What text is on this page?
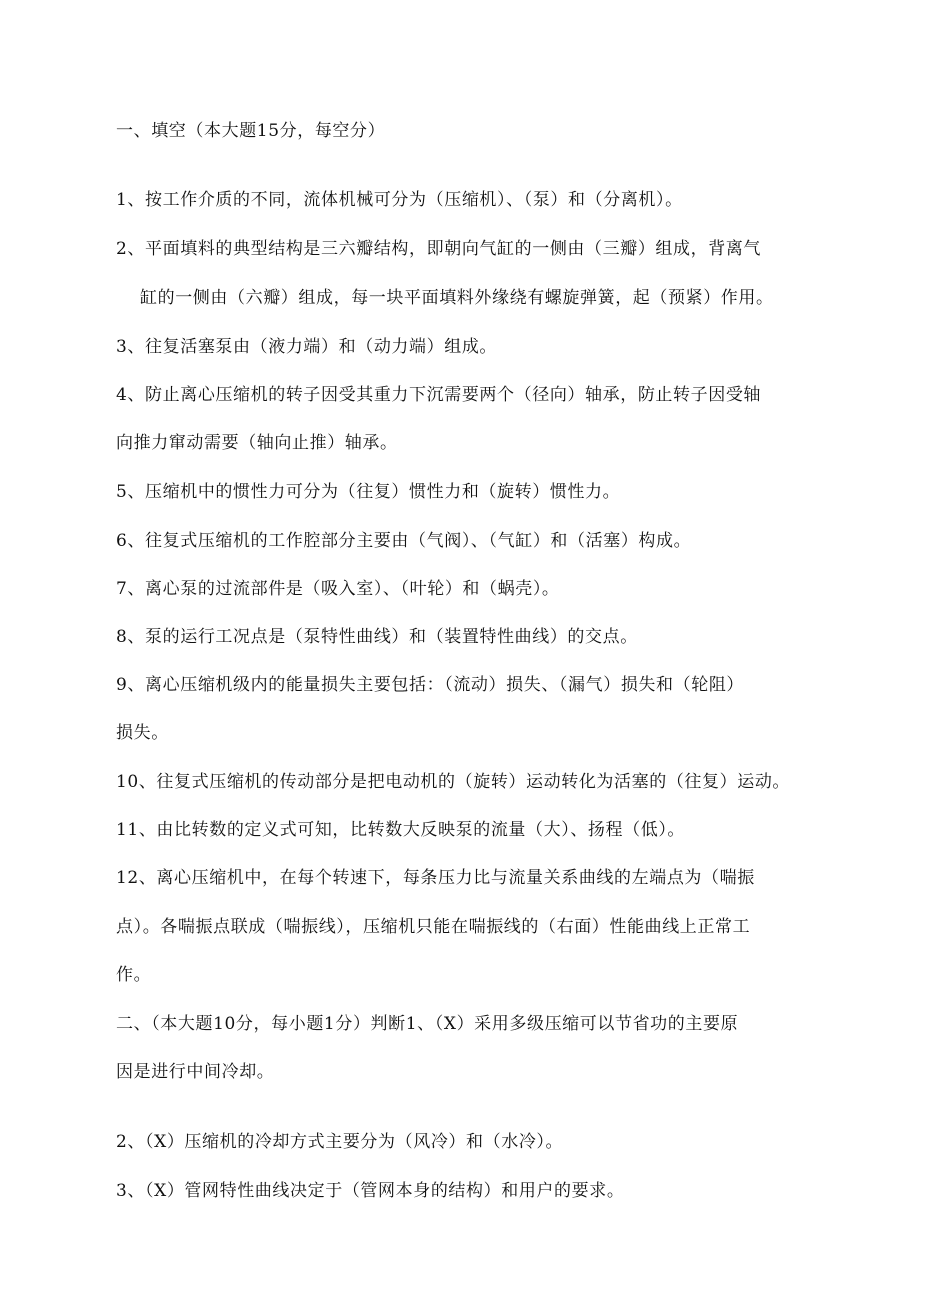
一、填空（本大题15分，每空分）
1、按工作介质的不同，流体机械可分为（压缩机）、（泵）和（分离机）。
2、平面填料的典型结构是三六瓣结构，即朝向气缸的一侧由（三瓣）组成，背离气
缸的一侧由（六瓣）组成，每一块平面填料外缘绕有螺旋弹簧，起（预紧）作用。
3、往复活塞泵由（液力端）和（动力端）组成。
4、防止离心压缩机的转子因受其重力下沉需要两个（径向）轴承，防止转子因受轴
向推力窜动需要（轴向止推）轴承。
5、压缩机中的惯性力可分为（往复）惯性力和（旋转）惯性力。
6、往复式压缩机的工作腔部分主要由（气阀）、（气缸）和（活塞）构成。
7、离心泵的过流部件是（吸入室）、（叶轮）和（蜗壳）。
8、泵的运行工况点是（泵特性曲线）和（装置特性曲线）的交点。
9、离心压缩机级内的能量损失主要包括：（流动）损失、（漏气）损失和（轮阻）
损失。
10、往复式压缩机的传动部分是把电动机的（旋转）运动转化为活塞的（往复）运动。
11、由比转数的定义式可知，比转数大反映泵的流量（大）、扬程（低）。
12、离心压缩机中，在每个转速下，每条压力比与流量关系曲线的左端点为（喘振
点）。各喘振点联成（喘振线），压缩机只能在喘振线的（右面）性能曲线上正常工
作。
二、（本大题10分，每小题1分）判断1、（X）采用多级压缩可以节省功的主要原
因是进行中间冷却。
2、（X）压缩机的冷却方式主要分为（风冷）和（水冷）。
3、（X）管网特性曲线决定于（管网本身的结构）和用户的要求。
